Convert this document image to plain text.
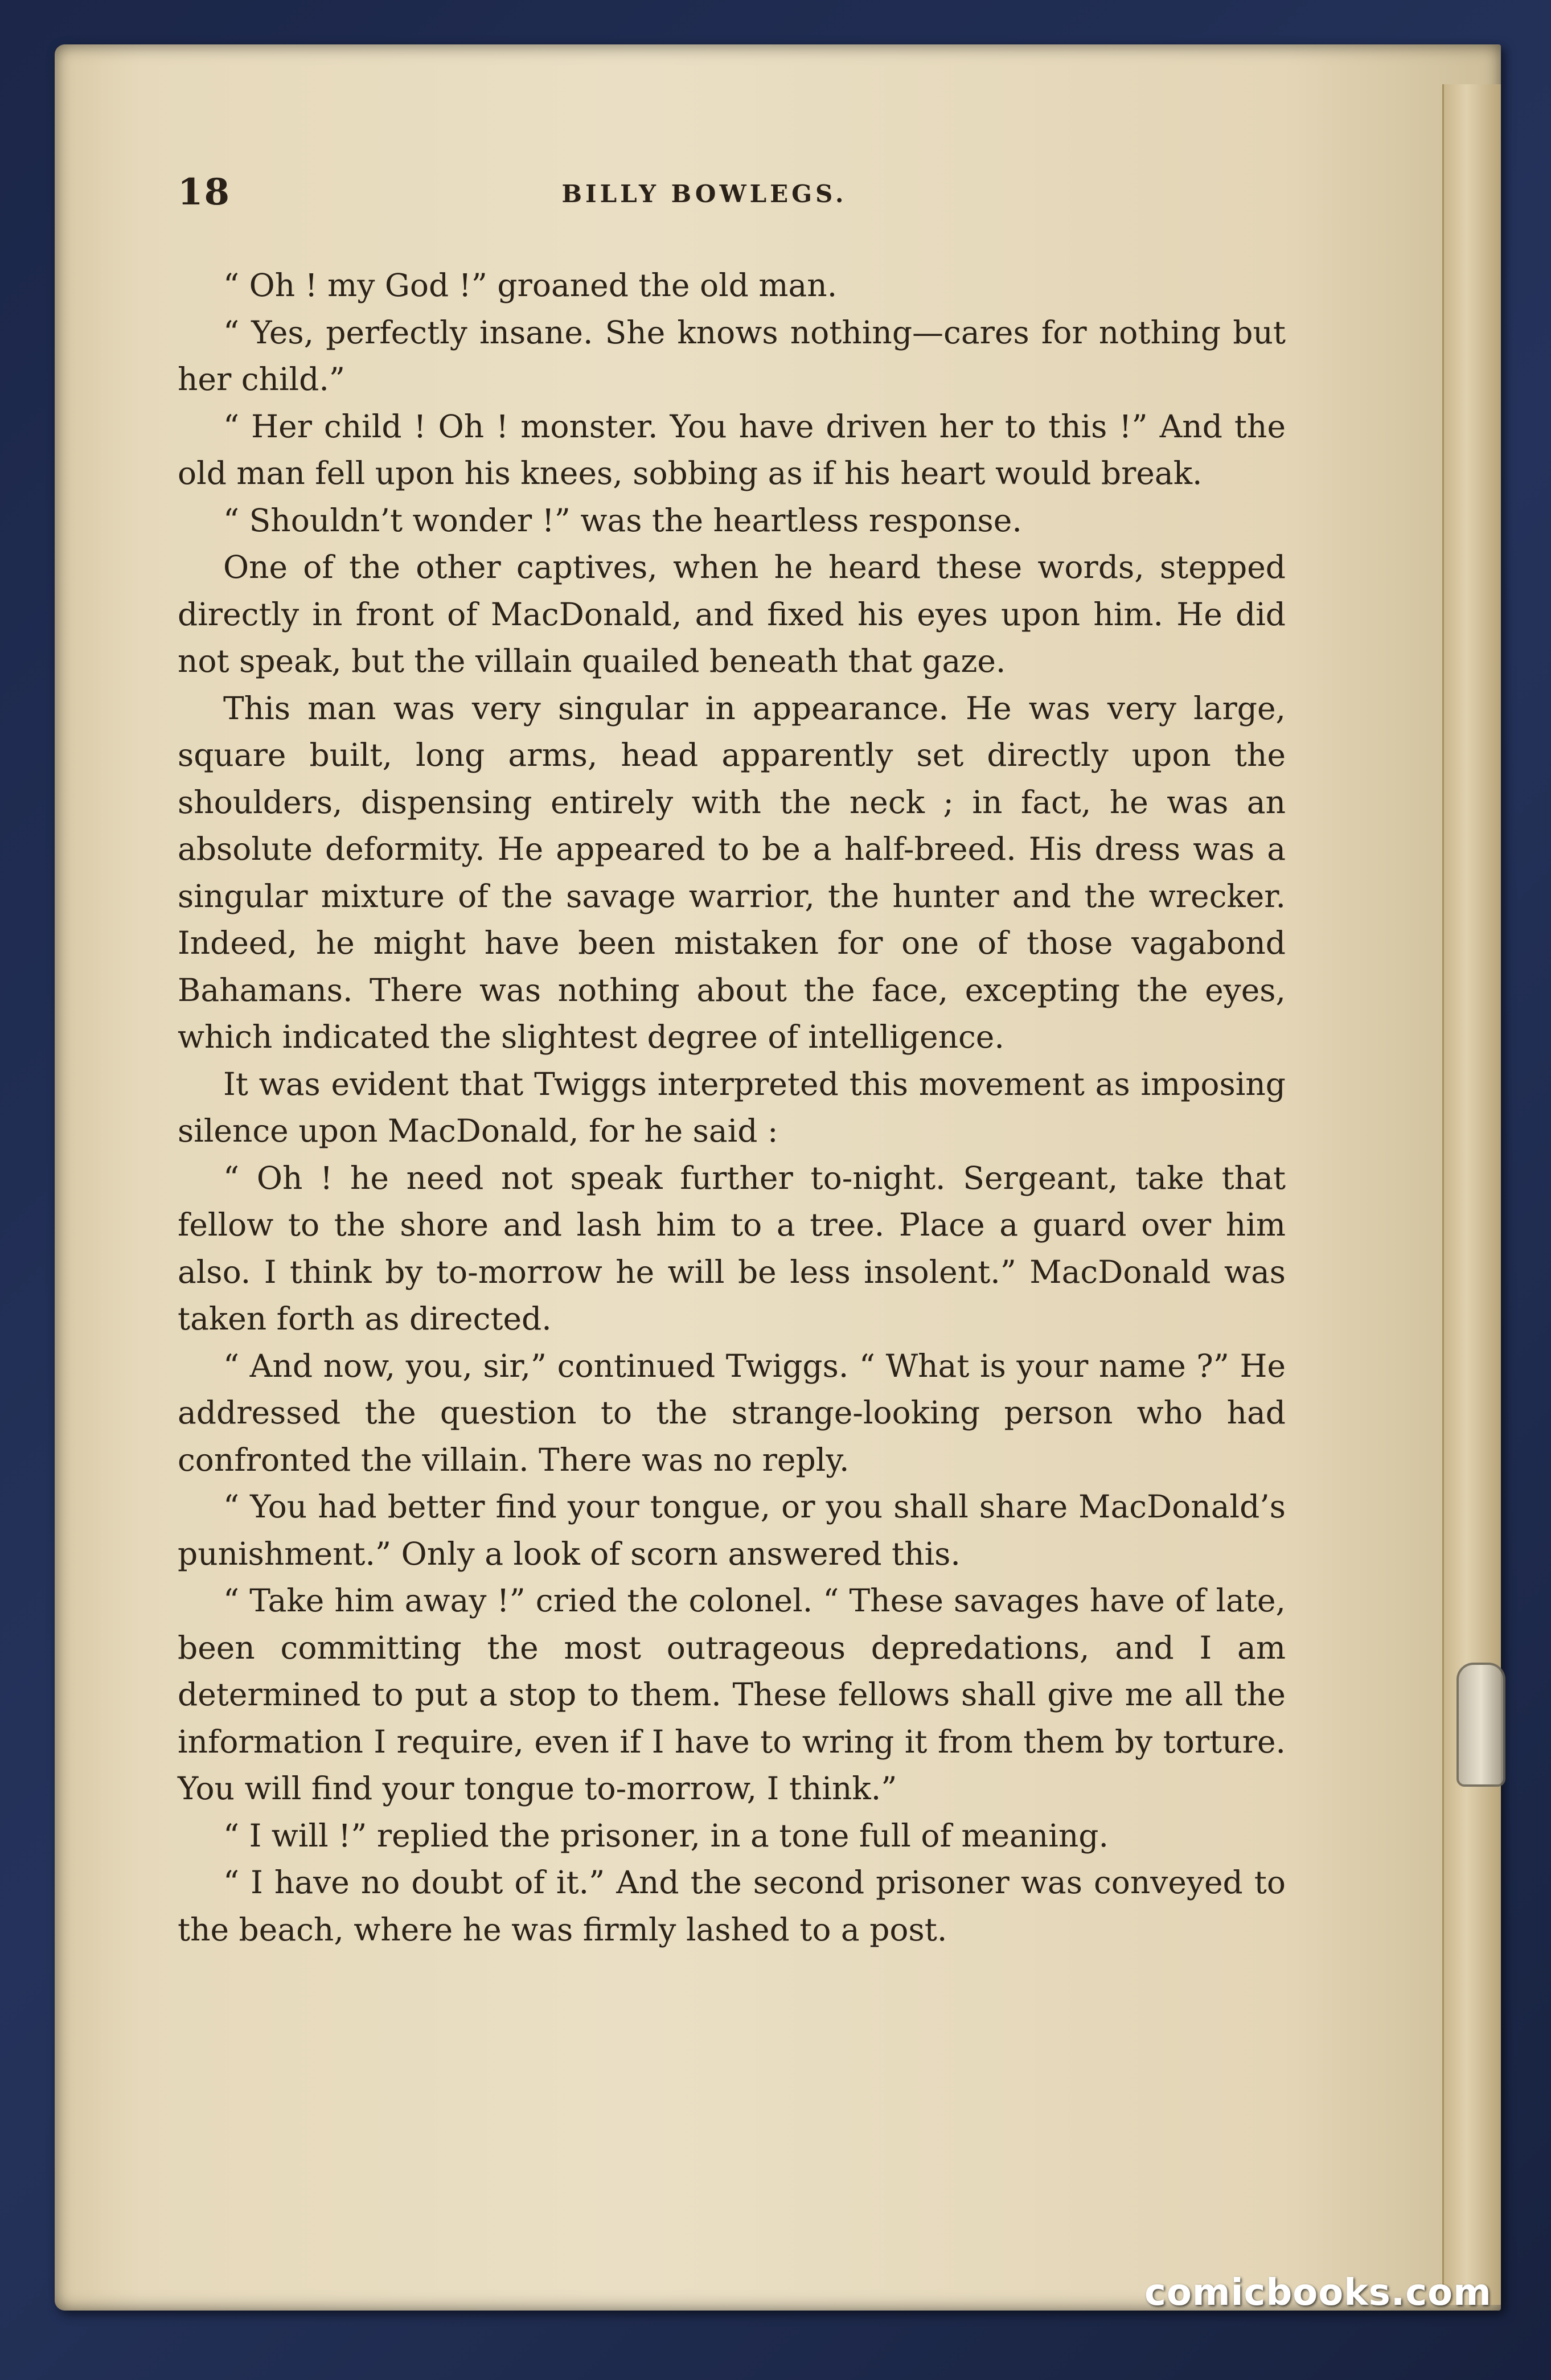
18	BILLY BOWLEGS.

“ Oh ! my God !” groaned the old man.

“ Yes, perfectly insane. She knows nothing—cares for nothing but her child.”

“ Her child ! Oh ! monster. You have driven her to this !” And the old man fell upon his knees, sobbing as if his heart would break.

“ Shouldn’t wonder !” was the heartless response.

One of the other captives, when he heard these words, stepped directly in front of MacDonald, and fixed his eyes upon him. He did not speak, but the villain quailed beneath that gaze.

This man was very singular in appearance. He was very large, square built, long arms, head apparently set directly upon the shoulders, dispensing entirely with the neck ; in fact, he was an absolute deformity. He appeared to be a half-breed. His dress was a singular mixture of the savage warrior, the hunter and the wrecker. Indeed, he might have been mistaken for one of those vagabond Bahamans. There was nothing about the face, excepting the eyes, which indicated the slightest degree of intelligence.

It was evident that Twiggs interpreted this movement as imposing silence upon MacDonald, for he said :

“ Oh ! he need not speak further to-night. Sergeant, take that fellow to the shore and lash him to a tree. Place a guard over him also. I think by to-morrow he will be less insolent.” MacDonald was taken forth as directed.

“ And now, you, sir,” continued Twiggs. “ What is your name ?” He addressed the question to the strange-looking person who had confronted the villain. There was no reply.

“ You had better find your tongue, or you shall share MacDonald’s punishment.” Only a look of scorn answered this.

“ Take him away !” cried the colonel. “ These savages have of late, been committing the most outrageous depredations, and I am determined to put a stop to them. These fellows shall give me all the information I require, even if I have to wring it from them by torture. You will find your tongue to-morrow, I think.”

“ I will !” replied the prisoner, in a tone full of meaning.

“ I have no doubt of it.” And the second prisoner was conveyed to the beach, where he was firmly lashed to a post.

comicbooks.com
